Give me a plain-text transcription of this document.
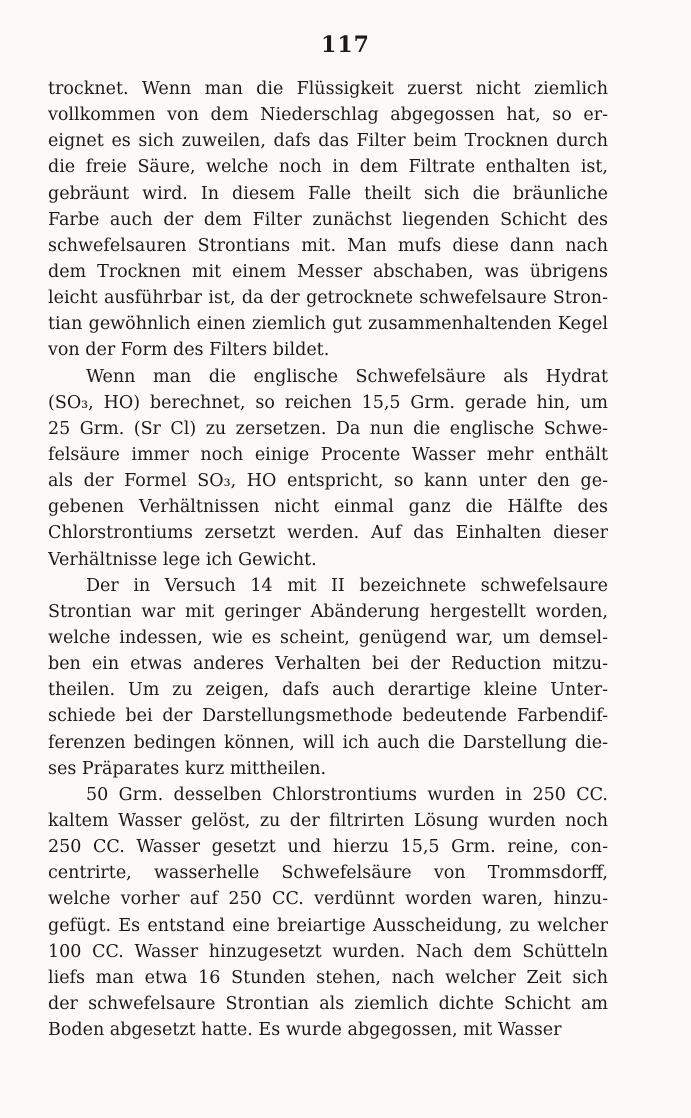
117
trocknet. Wenn man die Flüssigkeit zuerst nicht ziemlich
vollkommen von dem Niederschlag abgegossen hat, so er-
eignet es sich zuweilen, dafs das Filter beim Trocknen durch
die freie Säure, welche noch in dem Filtrate enthalten ist,
gebräunt wird. In diesem Falle theilt sich die bräunliche
Farbe auch der dem Filter zunächst liegenden Schicht des
schwefelsauren Strontians mit. Man mufs diese dann nach
dem Trocknen mit einem Messer abschaben, was übrigens
leicht ausführbar ist, da der getrocknete schwefelsaure Stron-
tian gewöhnlich einen ziemlich gut zusammenhaltenden Kegel
von der Form des Filters bildet.
Wenn man die englische Schwefelsäure als Hydrat
(SO₃, HO) berechnet, so reichen 15,5 Grm. gerade hin, um
25 Grm. (Sr Cl) zu zersetzen. Da nun die englische Schwe-
felsäure immer noch einige Procente Wasser mehr enthält
als der Formel SO₃, HO entspricht, so kann unter den ge-
gebenen Verhältnissen nicht einmal ganz die Hälfte des
Chlorstrontiums zersetzt werden. Auf das Einhalten dieser
Verhältnisse lege ich Gewicht.
Der in Versuch 14 mit II bezeichnete schwefelsaure
Strontian war mit geringer Abänderung hergestellt worden,
welche indessen, wie es scheint, genügend war, um demsel-
ben ein etwas anderes Verhalten bei der Reduction mitzu-
theilen. Um zu zeigen, dafs auch derartige kleine Unter-
schiede bei der Darstellungsmethode bedeutende Farbendif-
ferenzen bedingen können, will ich auch die Darstellung die-
ses Präparates kurz mittheilen.
50 Grm. desselben Chlorstrontiums wurden in 250 CC.
kaltem Wasser gelöst, zu der filtrirten Lösung wurden noch
250 CC. Wasser gesetzt und hierzu 15,5 Grm. reine, con-
centrirte, wasserhelle Schwefelsäure von Trommsdorff,
welche vorher auf 250 CC. verdünnt worden waren, hinzu-
gefügt. Es entstand eine breiartige Ausscheidung, zu welcher
100 CC. Wasser hinzugesetzt wurden. Nach dem Schütteln
liefs man etwa 16 Stunden stehen, nach welcher Zeit sich
der schwefelsaure Strontian als ziemlich dichte Schicht am
Boden abgesetzt hatte. Es wurde abgegossen, mit Wasser
